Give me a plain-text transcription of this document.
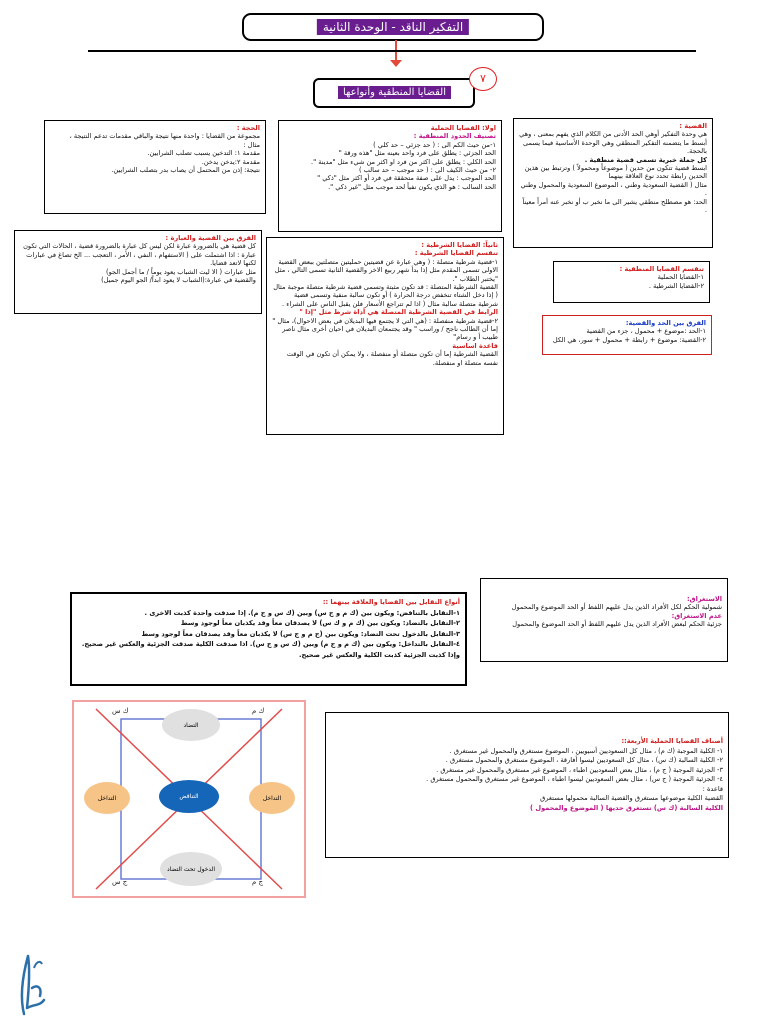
التفكير الناقد - الوحدة الثانية
القضايا المنطقية وأنواعها
٧

القضية :

هي وحدة التفكير أوهي الحد الأدنى من الكلام الذي يفهم بمعنى ، وهي أبسط ما يتضمنه التفكير المنطقي وهي الوحدة الأساسية فيما يسمى بالحجة.

كل جملة خبرية تسمى قضية منطقية .

ابسط قضية تتكون من حدين ( موضوعاً ومحمولاً ) وترتبط بين هذين الحدين رابطة تحدد نوع العلاقة بينهما

مثال ( القضية السعودية وطني ، الموضوع السعودية والمحمول وطني .

الحد: هو مصطلح منطقي يشير الى ما نخبر ب أو نخبر عنه أمراً معيناً .

تنقسم القضايا المنطقية :

١-القضايا الحملية

٢-القضايا الشرطية .

الفرق بين الحد والقضية:

١-الحد :موضوع + محمول ، جزء من القضية

٢-القضية: موضوع + رابطة + محمول + سور، هي الكل

اولا: القضايا الحملية

تصنيف الحدود المنطقية :

١-من حيث الكم الى : ( حد جزئي – حد كلي )

الحد الجزئي : يطلق على فرد واحد بعينه مثل "هذه ورقة "

الحد الكلي : يطلق على اكثر من فرد او اكثر من شيء مثل "مدينة ".

٢- من حيث الكيف الى : ( حد موجب – حد سالب )

الحد الموجب : يدل على صفة متحققة في فرد أو اكثر مثل "ذكي "

الحد السالب : هو الذي يكون نفياً لحد موجب مثل "غير ذكي ".

الحجة :

مجموعة من القضايا : واحدة منها نتيجة والباقي مقدمات تدعم النتيجة ،

مثال :

مقدمة ١: التدخين يسبب تصلب الشرايين.

مقدمة ٢:يدخن يدخن.

نتيجة: إذن من المحتمل أن يصاب بدر بتصلب الشرايين.

الفرق بين القضية والعبارة :

كل قضية هي بالضرورة عبارة لكن ليس كل عبارة بالضرورة قضية ، الحالات التي تكون عبارة : اذا اشتملت على ( الاستفهام ، النفي ، الأمر ، التعجب ... الخ تصاغ في عبارات لكنها لاتعد قضايا.

مثل عبارات ( الا ليت الشباب يعود يوماً / ما أجمل الجو)

والقضية في عبارة:(الشباب لا يعود ابداً/ الجو اليوم جميل)

ثانياً: القضايا الشرطية :

تنقسم القضايا الشرطية :

١-قضية شرطية متصلة : ( وهي عبارة عن قضيتين حمليتين متصلتين ببعض القضية الاولى تسمى المقدم مثل إذا بدأ شهر ربيع الاخر والقضية الثانية تسمى التالي ، مثل "يختبر الطلاب ".

القضية الشرطية المتصلة : قد تكون مثبتة وتسمى قضية شرطية متصلة موجبة مثال ( إذا دخل الشتاء تنخفض درجة الحرارة ) أو تكون سالبة منفية وتسمى قضية شرطية متصلة سالبة مثال ( اذا لم تتراجع الأسعار فلن يقبل الناس على الشراء .

الرابط في القضية الشرطية المتصلة هي أداة شرط مثل "إذا "

٢-قضية شرطية منفصلة : (هي التي لا يجتمع فيها البديلان في بعض الاحوال)، مثال " إما أن الطالب ناجح / وراسب " وقد يجتمعان البديلان في احيان أخرى مثال ناصر طبيب أ و رسام"

قاعدة اساسية

القضية الشرطية إما أن تكون متصلة أو منفصلة ، ولا يمكن أن تكون في الوقت نفسه متصلة او منفصلة.

الاستغراق:

شمولية الحكم لكل الأفراد الذين يدل عليهم اللفظ أو الحد الموضوع والمحمول

عدم الاستغراق:

جزئية الحكم لبعض الأفراد الذين يدل عليهم اللفظ أو الحد الموضوع والمحمول

أنواع التقابل بين القضايا والعلاقة بينهما ::

١-التقابل بالتناقض: ويكون بين (ك م و ج س) وبين (ك س و ج م). إذا صدقت واحدة كذبت الاخرى .

٢-التقابل بالتضاد: ويكون بين (ك م و ك س) لا يصدقان معاً وقد يكذبان معاً لوجود وسط

٣-التقابل بالدخول تحت التضاد: ويكون بين (ج م و ج س) لا يكذبان معاً وقد يصدقان معاً لوجود وسط

٤-التقابل بالتداخل: ويكون بين (ك م و ج م) وبين (ك س و ج س). اذا صدقت الكلية صدقت الجزئية والعكس غير صحيح. وإذا كذبت الجزئية كذبت الكلية والعكس غير صحيح.

ك س	ك م
ج س	ج م
التضاد
التناقض
التداخل	التداخل
الدخول تحت التضاد

أصناف القضايا الحملية الأربعة::

١- الكلية الموجبة (ك م) ، مثال كل السعوديين أسيويين ، الموضوع مستغرق والمحمول غير مستغرق .

٢- الكلية السالبة (ك س) ، مثال كل السعوديين ليسوا أفارقة ، الموضوع مستغرق والمحمول مستغرق .

٣- الجزئية الموجبة ( ج م) ، مثال بعض السعوديين اطباء ، الموضوع غير مستغرق والمحمول غير مستغرق .

٤- الجزئية الموجبة ( ج س) ، مثال بعض السعوديين ليسوا اطباء ، الموضوع غير مستغرق والمحمول مستغرق .

قاعدة :

القضية الكلية موضوعها مستغرق والقضية السالبة محمولها مستغرق

الكلية السالبة (ك س) تستغرق حديها ( الموضوع والمحمول )
